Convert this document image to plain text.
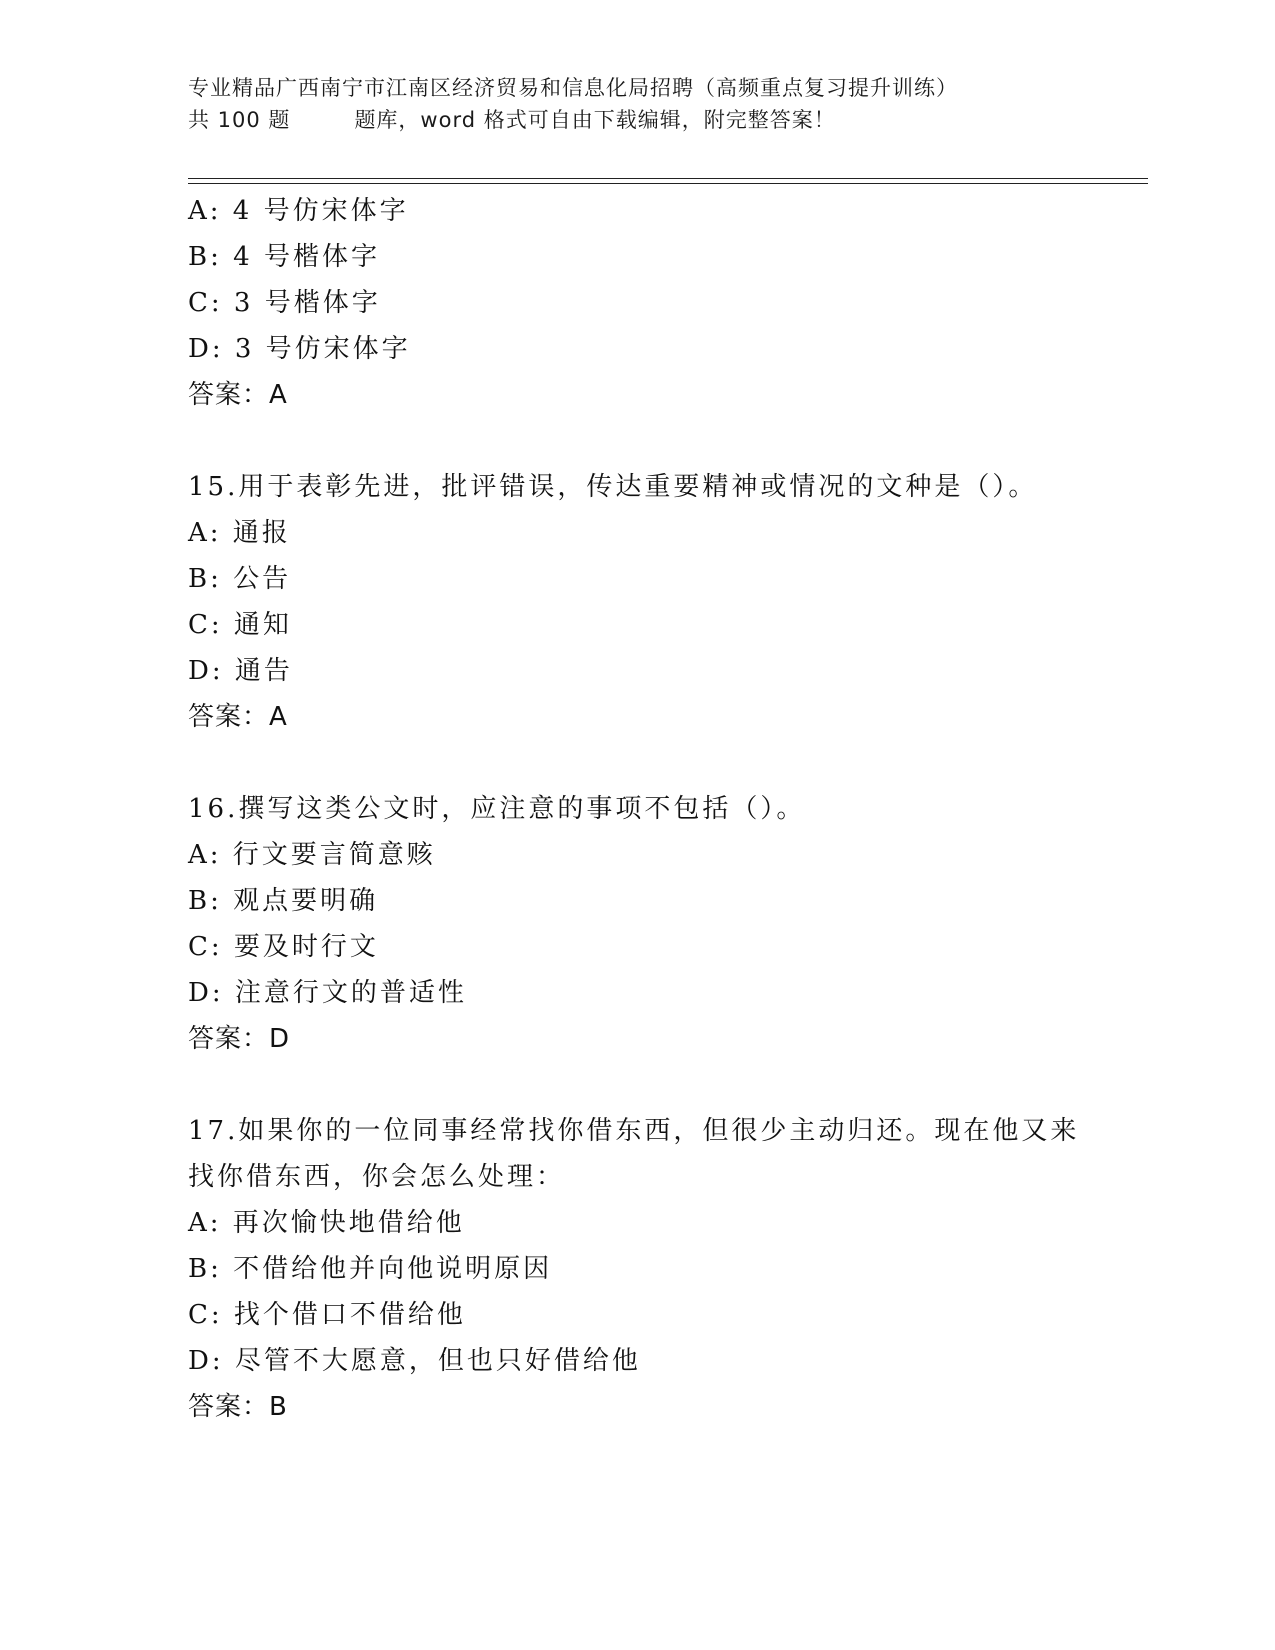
专业精品广西南宁市江南区经济贸易和信息化局招聘（高频重点复习提升训练）
共 100 题	题库，word 格式可自由下载编辑，附完整答案！

A: 4 号仿宋体字

B: 4 号楷体字

C: 3 号楷体字

D: 3 号仿宋体字

答案：A

15.用于表彰先进，批评错误，传达重要精神或情况的文种是（）。

A: 通报

B: 公告

C: 通知

D: 通告

答案：A

16.撰写这类公文时，应注意的事项不包括（）。

A: 行文要言简意赅

B: 观点要明确

C: 要及时行文

D: 注意行文的普适性

答案：D

17.如果你的一位同事经常找你借东西，但很少主动归还。现在他又来

找你借东西，你会怎么处理：

A: 再次愉快地借给他

B: 不借给他并向他说明原因

C: 找个借口不借给他

D: 尽管不大愿意，但也只好借给他

答案：B
